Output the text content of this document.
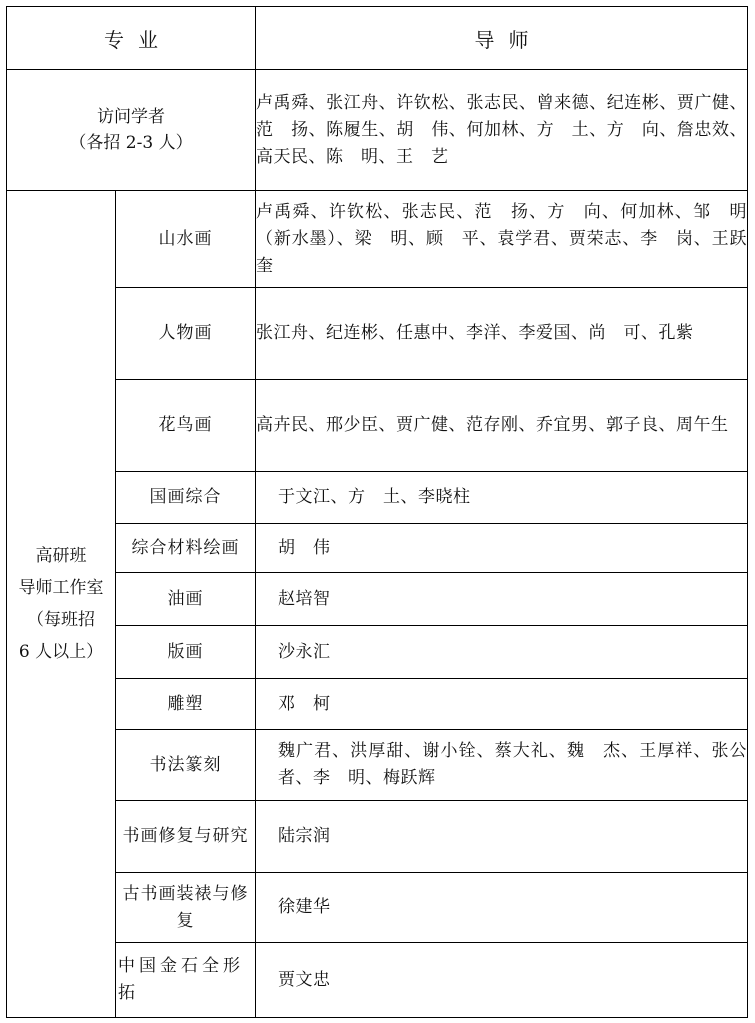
专业		导师

访问学者
（各招 2-3 人）		卢禹舜、张江舟、许钦松、张志民、曾来德、纪连彬、贾广健、范　扬、陈履生、胡　伟、何加林、方　土、方　向、詹忠效、高天民、陈　明、王　艺

高研班
导师工作室
（每班招
6 人以上）	山水画	卢禹舜、许钦松、张志民、范　扬、方　向、何加林、邹　明（新水墨）、梁　明、顾　平、袁学君、贾荣志、李　岗、王跃奎
	人物画	张江舟、纪连彬、任惠中、李洋、李爱国、尚　可、孔紫
	花鸟画	高卉民、邢少臣、贾广健、范存刚、乔宜男、郭子良、周午生
	国画综合	于文江、方　土、李晓柱
	综合材料绘画	胡　伟
	油画	赵培智
	版画	沙永汇
	雕塑	邓　柯
	书法篆刻	魏广君、洪厚甜、谢小铨、蔡大礼、魏　杰、王厚祥、张公者、李　明、梅跃辉
	书画修复与研究	陆宗润
	古书画装裱与修复	徐建华
	中国金石全形拓	贾文忠
